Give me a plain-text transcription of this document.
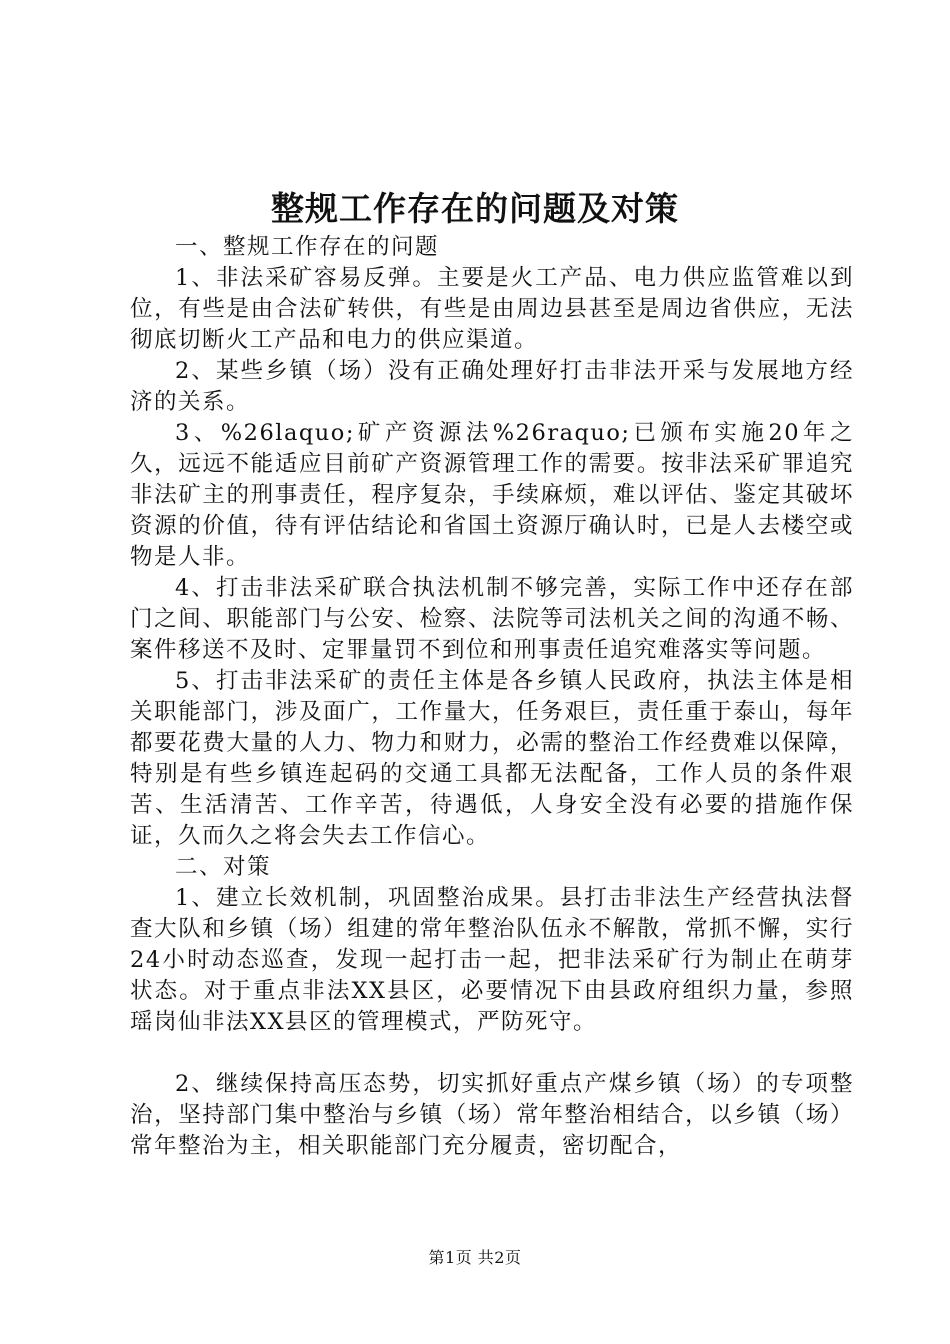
整规工作存在的问题及对策

一、整规工作存在的问题

1、非法采矿容易反弹。主要是火工产品、电力供应监管难以到位，有些是由合法矿转供，有些是由周边县甚至是周边省供应，无法彻底切断火工产品和电力的供应渠道。

2、某些乡镇（场）没有正确处理好打击非法开采与发展地方经济的关系。

3、%26laquo;矿产资源法%26raquo;已颁布实施20年之久，远远不能适应目前矿产资源管理工作的需要。按非法采矿罪追究非法矿主的刑事责任，程序复杂，手续麻烦，难以评估、鉴定其破坏资源的价值，待有评估结论和省国土资源厅确认时，已是人去楼空或物是人非。

4、打击非法采矿联合执法机制不够完善，实际工作中还存在部门之间、职能部门与公安、检察、法院等司法机关之间的沟通不畅、案件移送不及时、定罪量罚不到位和刑事责任追究难落实等问题。

5、打击非法采矿的责任主体是各乡镇人民政府，执法主体是相关职能部门，涉及面广，工作量大，任务艰巨，责任重于泰山，每年都要花费大量的人力、物力和财力，必需的整治工作经费难以保障，特别是有些乡镇连起码的交通工具都无法配备，工作人员的条件艰苦、生活清苦、工作辛苦，待遇低，人身安全没有必要的措施作保证，久而久之将会失去工作信心。

二、对策

1、建立长效机制，巩固整治成果。县打击非法生产经营执法督查大队和乡镇（场）组建的常年整治队伍永不解散，常抓不懈，实行24小时动态巡查，发现一起打击一起，把非法采矿行为制止在萌芽状态。对于重点非法XX县区，必要情况下由县政府组织力量，参照瑶岗仙非法XX县区的管理模式，严防死守。

2、继续保持高压态势，切实抓好重点产煤乡镇（场）的专项整治，坚持部门集中整治与乡镇（场）常年整治相结合，以乡镇（场）常年整治为主，相关职能部门充分履责，密切配合，

第1页 共2页
